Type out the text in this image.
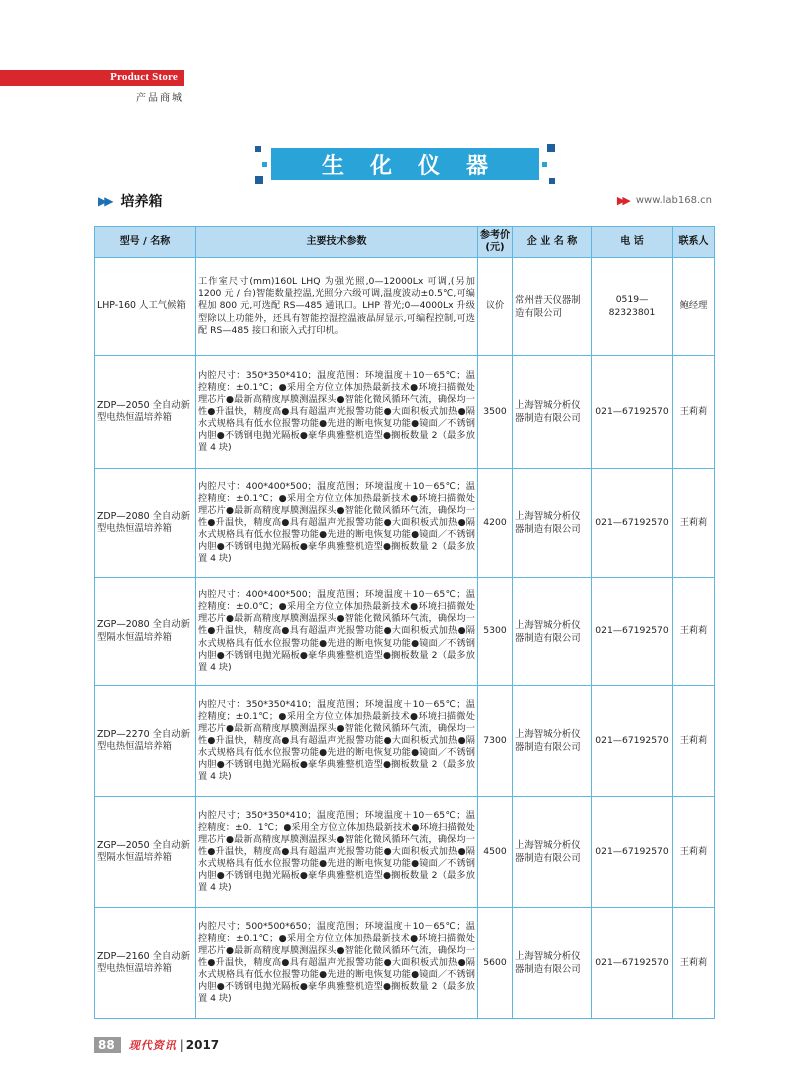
Product Store
产品商城
生化仪器
▶▶ 培养箱	▶▶ www.lab168.cn
型号 / 名称	主要技术参数	参考价(元)	企 业 名 称	电 话	联系人
LHP-160 人工气候箱	工作室尺寸(mm)160L LHQ 为强光照,0—12000Lx 可调,(另加 1200 元 / 台)智能数量控温,光照分六级可调,温度波动±0.5℃,可编程加 800 元,可选配 RS—485 通讯口。LHP 普光;0—4000Lx 升级型除以上功能外，还具有智能控湿控温液晶屏显示,可编程控制,可选配 RS—485 接口和嵌入式打印机。	议价	常州普天仪器制造有限公司	0519—82323801	鲍经理
ZDP—2050 全自动新型电热恒温培养箱	内腔尺寸：350*350*410；温度范围：环境温度＋10－65℃；温控精度：±0.1℃；●采用全方位立体加热最新技术●环境扫描微处理芯片●最新高精度厚膜测温探头●智能化微风循环气流，确保均一性●升温快，精度高●具有超温声光报警功能●大面积板式加热●隔水式规格具有低水位报警功能●先进的断电恢复功能●镜面／不锈钢内胆●不锈钢电抛光隔板●豪华典雅整机造型●搁板数量 2（最多放置 4 块)	3500	上海智城分析仪器制造有限公司	021—67192570	王莉莉
ZDP—2080 全自动新型电热恒温培养箱	内腔尺寸：400*400*500；温度范围；环境温度＋10－65℃；温控精度：±0.1℃；●采用全方位立体加热最新技术●环境扫描微处理芯片●最新高精度厚膜测温探头●智能化微风循环气流，确保均一性●升温快，精度高●具有超温声光报警功能●大面积板式加热●隔水式规格具有低水位报警功能●先进的断电恢复功能●镜面／不锈钢内胆●不锈钢电抛光隔板●豪华典雅整机造型●搁板数量 2（最多放置 4 块)	4200	上海智城分析仪器制造有限公司	021—67192570	王莉莉
ZGP—2080 全自动新型隔水恒温培养箱	内腔尺寸：400*400*500；温度范围；环境温度＋10－65℃；温控精度：±0.0℃；●采用全方位立体加热最新技术●环境扫描微处理芯片●最新高精度厚膜测温探头●智能化微风循环气流，确保均一性●升温快，精度高●具有超温声光报警功能●大面积板式加热●隔水式规格具有低水位报警功能●先进的断电恢复功能●镜面／不锈钢内胆●不锈钢电抛光隔板●豪华典雅整机造型●搁板数量 2（最多放置 4 块)	5300	上海智城分析仪器制造有限公司	021—67192570	王莉莉
ZDP—2270 全自动新型电热恒温培养箱	内腔尺寸：350*350*410；温度范围；环境温度＋10－65℃；温控精度；±0.1℃；●采用全方位立体加热最新技术●环境扫描微处理芯片●最新高精度厚膜测温探头●智能化微风循环气流，确保均一性●升温快，精度高●具有超温声光报警功能●大面积板式加热●隔水式规格具有低水位报警功能●先进的断电恢复功能●镜面／不锈钢内胆●不锈钢电抛光隔板●豪华典雅整机造型●搁板数量 2（最多放置 4 块)	7300	上海智城分析仪器制造有限公司	021—67192570	王莉莉
ZGP—2050 全自动新型隔水恒温培养箱	内腔尺寸；350*350*410；温度范围；环境温度＋10－65℃；温控精度：±0．1℃；●采用全方位立体加热最新技术●环境扫描微处理芯片●最新高精度厚膜测温探头●智能化微风循环气流，确保均一性●升温快，精度高●具有超温声光报警功能●大面积板式加热●隔水式规格具有低水位报警功能●先进的断电恢复功能●镜面／不锈钢内胆●不锈钢电抛光隔板●豪华典雅整机造型●搁板数量 2（最多放置 4 块)	4500	上海智城分析仪器制造有限公司	021—67192570	王莉莉
ZDP—2160 全自动新型电热恒温培养箱	内腔尺寸；500*500*650；温度范围；环境温度＋10－65℃；温控精度：±0.1℃；●采用全方位立体加热最新技术●环境扫描微处理芯片●最新高精度厚膜测温探头●智能化微风循环气流，确保均一性●升温快，精度高●具有超温声光报警功能●大面积板式加热●隔水式规格具有低水位报警功能●先进的断电恢复功能●镜面／不锈钢内胆●不锈钢电抛光隔板●豪华典雅整机造型●搁板数量 2（最多放置 4 块)	5600	上海智城分析仪器制造有限公司	021—67192570	王莉莉
88	现代资讯 | 2017
